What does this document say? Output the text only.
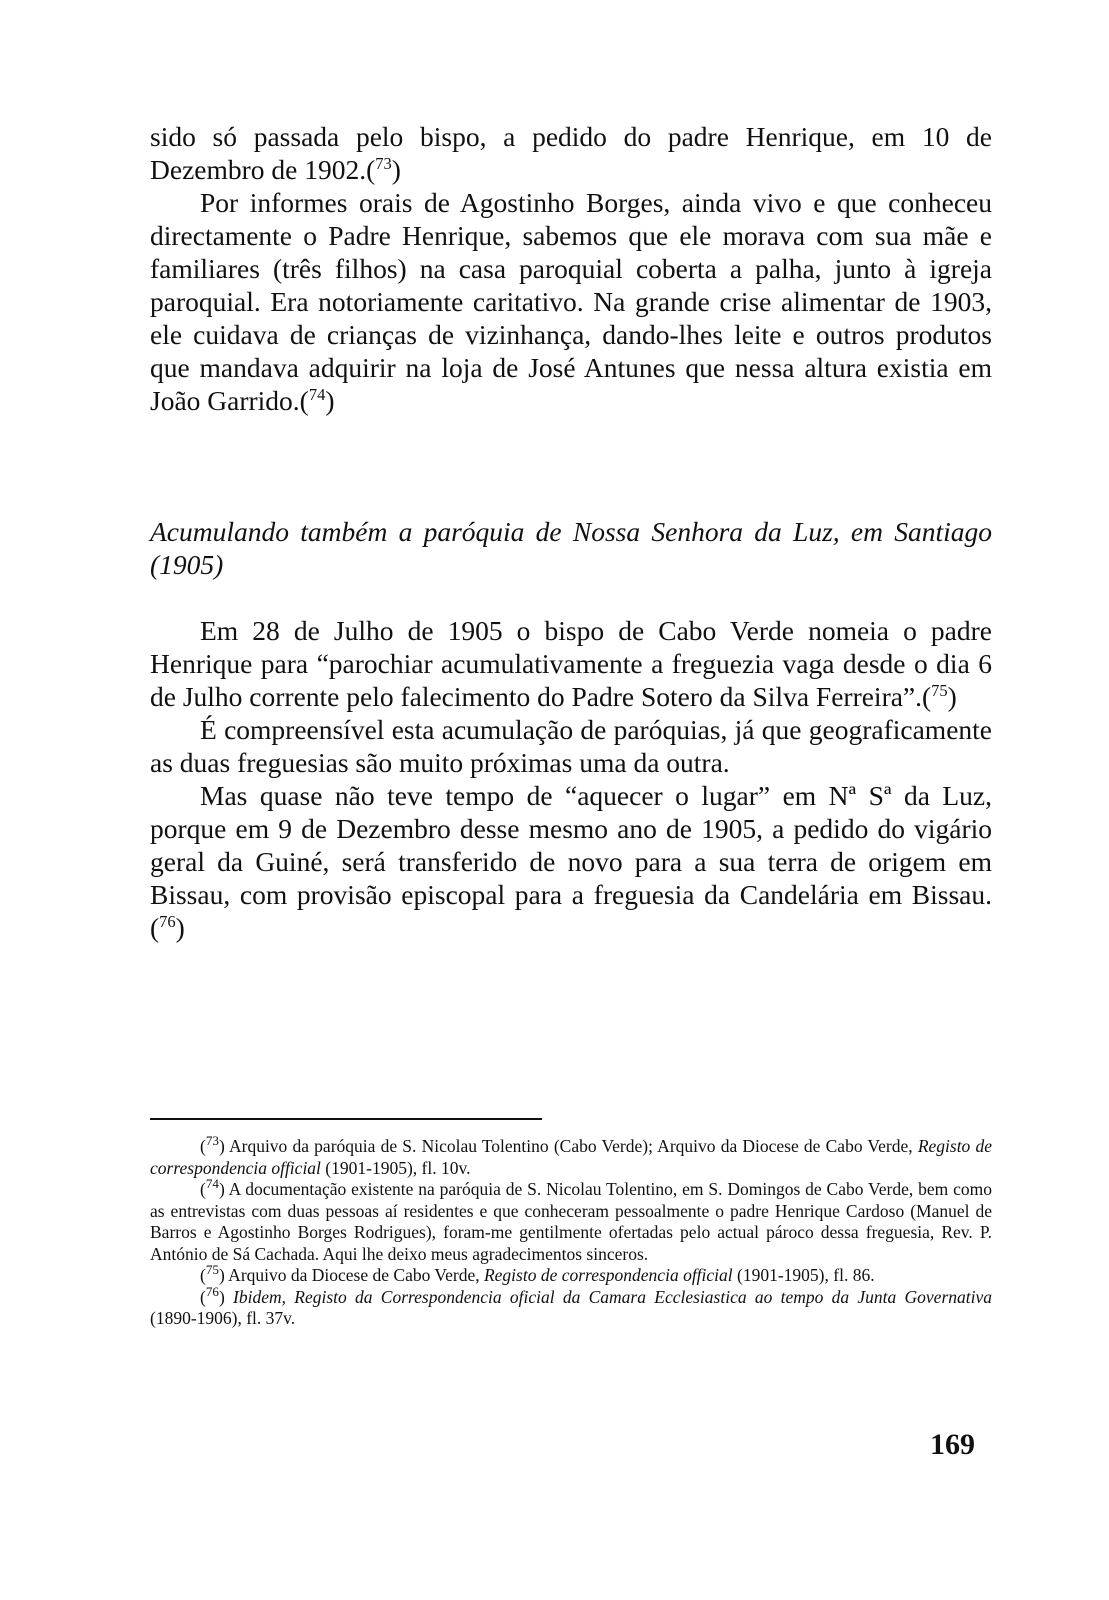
sido só passada pelo bispo, a pedido do padre Henrique, em 10 de Dezembro de 1902.($^{73}$)

Por informes orais de Agostinho Borges, ainda vivo e que conheceu directamente o Padre Henrique, sabemos que ele morava com sua mãe e familiares (três filhos) na casa paroquial coberta a palha, junto à igreja paroquial. Era notoriamente caritativo. Na grande crise alimentar de 1903, ele cuidava de crianças de vizinhança, dando-lhes leite e outros produtos que mandava adquirir na loja de José Antunes que nessa altura existia em João Garrido.($^{74}$)

Acumulando também a paróquia de Nossa Senhora da Luz, em Santiago (1905)

Em 28 de Julho de 1905 o bispo de Cabo Verde nomeia o padre Henrique para “parochiar acumulativamente a freguezia vaga desde o dia 6 de Julho corrente pelo falecimento do Padre Sotero da Silva Ferreira”.($^{75}$)

É compreensível esta acumulação de paróquias, já que geograficamente as duas freguesias são muito próximas uma da outra.

Mas quase não teve tempo de “aquecer o lugar” em Nª Sª da Luz, porque em 9 de Dezembro desse mesmo ano de 1905, a pedido do vigário geral da Guiné, será transferido de novo para a sua terra de origem em Bissau, com provisão episcopal para a freguesia da Candelária em Bissau.($^{76}$)

($^{73}$) Arquivo da paróquia de S. Nicolau Tolentino (Cabo Verde); Arquivo da Diocese de Cabo Verde, Registo de correspondencia official (1901-1905), fl. 10v.

($^{74}$) A documentação existente na paróquia de S. Nicolau Tolentino, em S. Domingos de Cabo Verde, bem como as entrevistas com duas pessoas aí residentes e que conheceram pessoalmente o padre Henrique Cardoso (Manuel de Barros e Agostinho Borges Rodrigues), foram-me gentilmente ofertadas pelo actual pároco dessa freguesia, Rev. P. António de Sá Cachada. Aqui lhe deixo meus agradecimentos sinceros.

($^{75}$) Arquivo da Diocese de Cabo Verde, Registo de correspondencia official (1901-1905), fl. 86.

($^{76}$) Ibidem, Registo da Correspondencia oficial da Camara Ecclesiastica ao tempo da Junta Governativa (1890-1906), fl. 37v.

169
